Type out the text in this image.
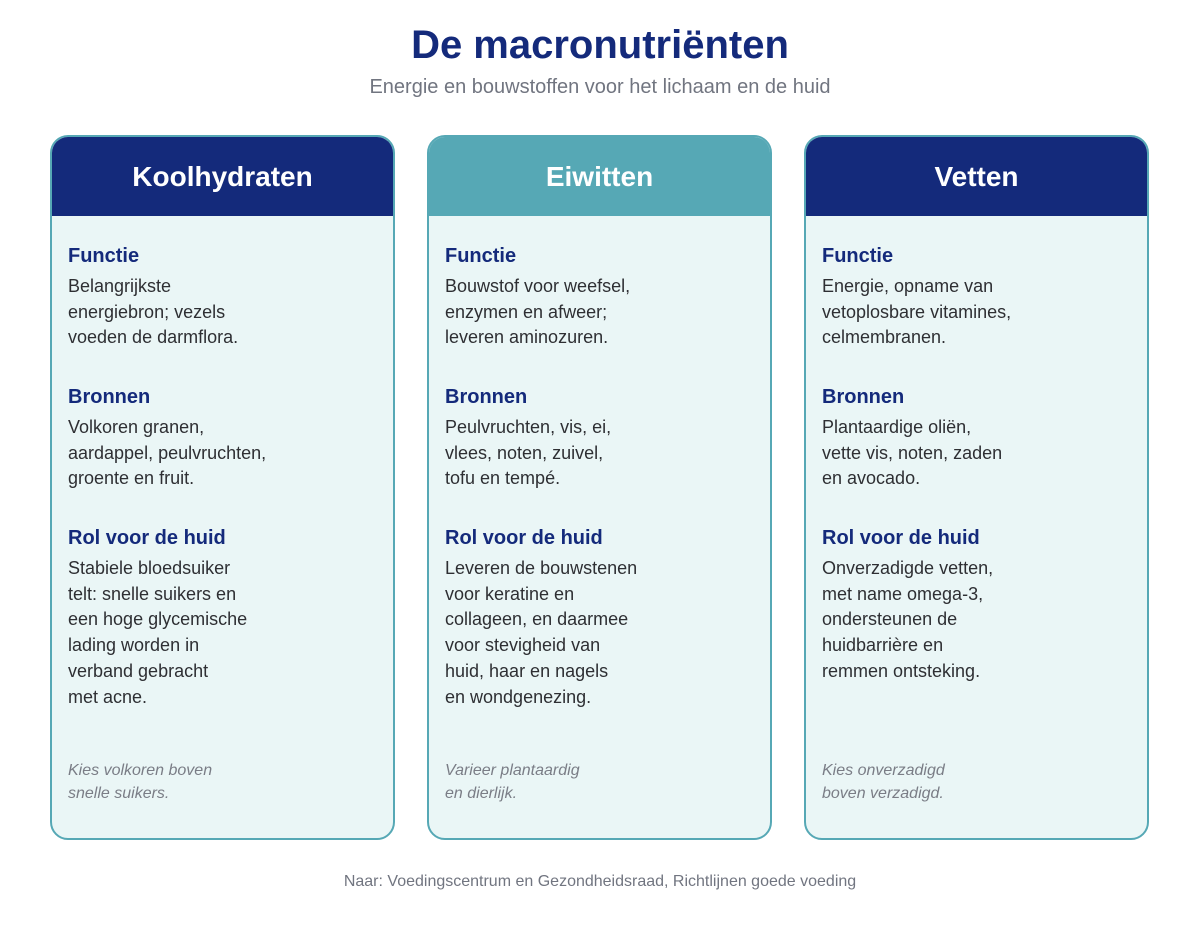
De macronutriënten
Energie en bouwstoffen voor het lichaam en de huid
Koolhydraten
Functie
Belangrijkste
energiebron; vezels
voeden de darmflora.
Bronnen
Volkoren granen,
aardappel, peulvruchten,
groente en fruit.
Rol voor de huid
Stabiele bloedsuiker
telt: snelle suikers en
een hoge glycemische
lading worden in
verband gebracht
met acne.
Kies volkoren boven
snelle suikers.
Eiwitten
Functie
Bouwstof voor weefsel,
enzymen en afweer;
leveren aminozuren.
Bronnen
Peulvruchten, vis, ei,
vlees, noten, zuivel,
tofu en tempé.
Rol voor de huid
Leveren de bouwstenen
voor keratine en
collageen, en daarmee
voor stevigheid van
huid, haar en nagels
en wondgenezing.
Varieer plantaardig
en dierlijk.
Vetten
Functie
Energie, opname van
vetoplosbare vitamines,
celmembranen.
Bronnen
Plantaardige oliën,
vette vis, noten, zaden
en avocado.
Rol voor de huid
Onverzadigde vetten,
met name omega-3,
ondersteunen de
huidbarrière en
remmen ontsteking.
Kies onverzadigd
boven verzadigd.
Naar: Voedingscentrum en Gezondheidsraad, Richtlijnen goede voeding
